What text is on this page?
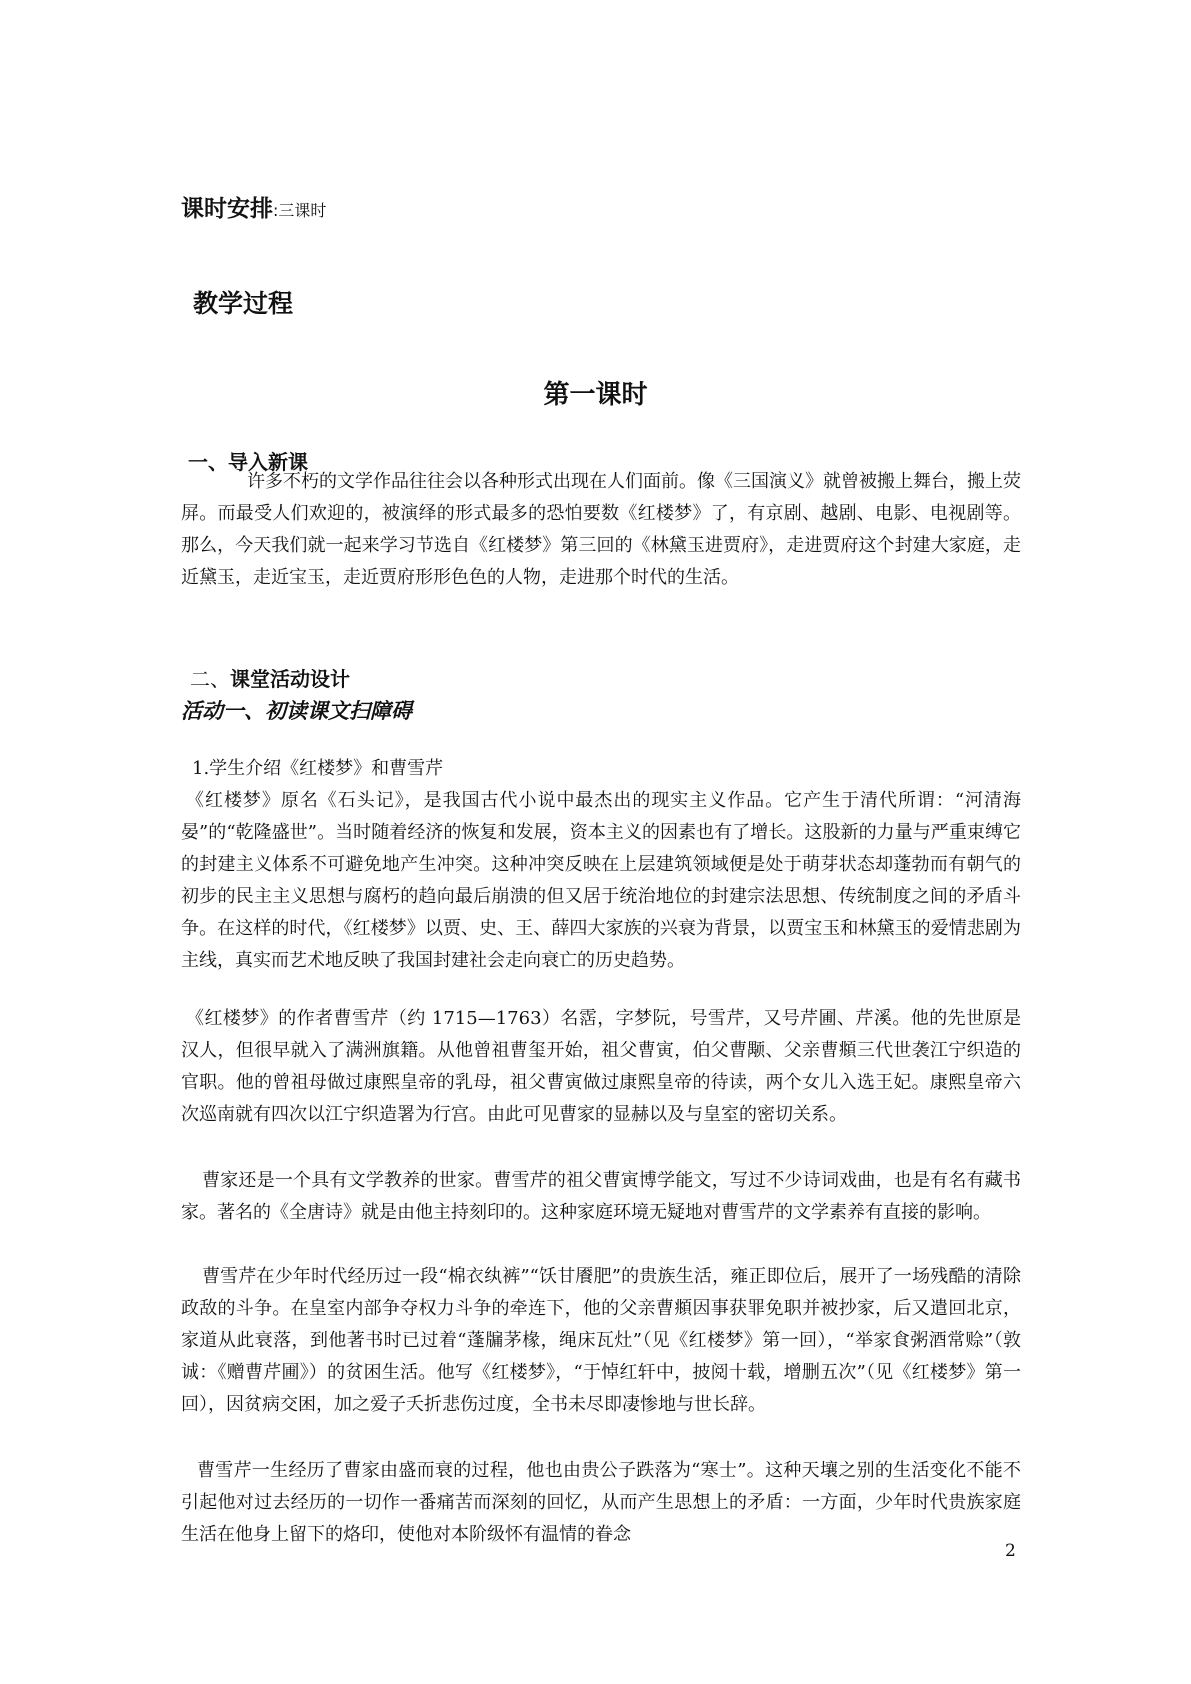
课时安排:三课时
教学过程
第一课时
一、导入新课

许多不朽的文学作品往往会以各种形式出现在人们面前。像《三国演义》就曾被搬上舞台，搬上荧屏。而最受人们欢迎的，被演绎的形式最多的恐怕要数《红楼梦》了，有京剧、越剧、电影、电视剧等。那么，今天我们就一起来学习节选自《红楼梦》第三回的《林黛玉进贾府》，走进贾府这个封建大家庭，走近黛玉，走近宝玉，走近贾府形形色色的人物，走进那个时代的生活。

二、课堂活动设计
活动一、初读课文扫障碍

1.学生介绍《红楼梦》和曹雪芹

《红楼梦》原名《石头记》，是我国古代小说中最杰出的现实主义作品。它产生于清代所谓：“河清海晏”的“乾隆盛世”。当时随着经济的恢复和发展，资本主义的因素也有了增长。这股新的力量与严重束缚它的封建主义体系不可避免地产生冲突。这种冲突反映在上层建筑领域便是处于萌芽状态却蓬勃而有朝气的初步的民主主义思想与腐朽的趋向最后崩溃的但又居于统治地位的封建宗法思想、传统制度之间的矛盾斗争。在这样的时代，《红楼梦》以贾、史、王、薛四大家族的兴衰为背景，以贾宝玉和林黛玉的爱情悲剧为主线，真实而艺术地反映了我国封建社会走向衰亡的历史趋势。

《红楼梦》的作者曹雪芹（约 1715—1763）名霑，字梦阮，号雪芹，又号芹圃、芹溪。他的先世原是汉人，但很早就入了满洲旗籍。从他曾祖曹玺开始，祖父曹寅，伯父曹颙、父亲曹頫三代世袭江宁织造的官职。他的曾祖母做过康熙皇帝的乳母，祖父曹寅做过康熙皇帝的待读，两个女儿入选王妃。康熙皇帝六次巡南就有四次以江宁织造署为行宫。由此可见曹家的显赫以及与皇室的密切关系。

曹家还是一个具有文学教养的世家。曹雪芹的祖父曹寅博学能文，写过不少诗词戏曲，也是有名有藏书家。著名的《全唐诗》就是由他主持刻印的。这种家庭环境无疑地对曹雪芹的文学素养有直接的影响。

曹雪芹在少年时代经历过一段“棉衣纨裤”“饫甘餍肥”的贵族生活，雍正即位后，展开了一场残酷的清除政敌的斗争。在皇室内部争夺权力斗争的牵连下，他的父亲曹頫因事获罪免职并被抄家，后又遣回北京，家道从此衰落，到他著书时已过着“蓬牖茅椽，绳床瓦灶”（见《红楼梦》第一回），“举家食粥酒常赊”（敦诚：《赠曹芹圃》）的贫困生活。他写《红楼梦》，“于悼红轩中，披阅十载，增删五次”（见《红楼梦》第一回），因贫病交困，加之爱子夭折悲伤过度，全书未尽即凄惨地与世长辞。

曹雪芹一生经历了曹家由盛而衰的过程，他也由贵公子跌落为“寒士”。这种天壤之别的生活变化不能不引起他对过去经历的一切作一番痛苦而深刻的回忆，从而产生思想上的矛盾：一方面，少年时代贵族家庭生活在他身上留下的烙印，使他对本阶级怀有温情的眷念

2
